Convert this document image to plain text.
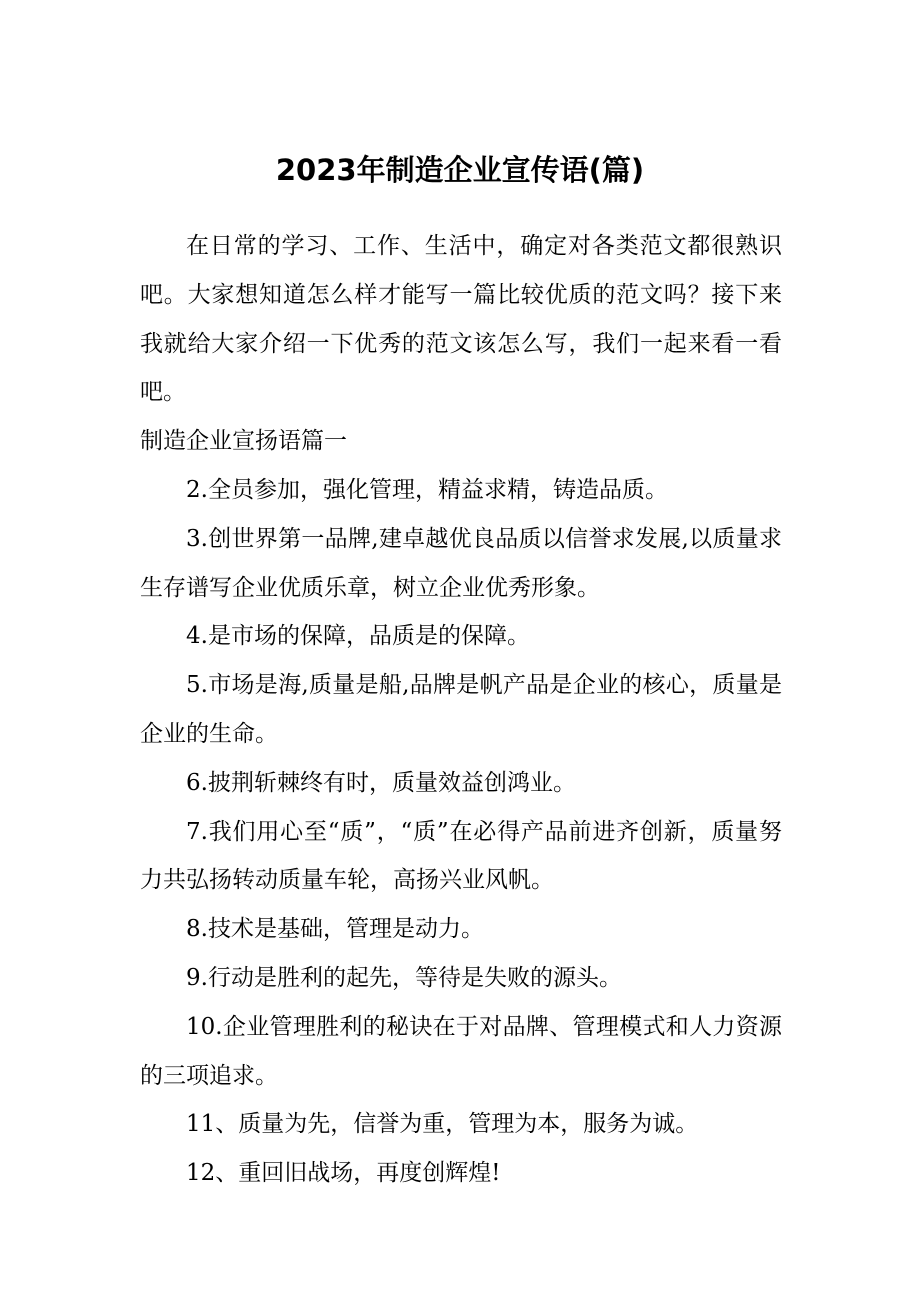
2023年制造企业宣传语(篇)

在日常的学习、工作、生活中，确定对各类范文都很熟识吧。大家想知道怎么样才能写一篇比较优质的范文吗？接下来我就给大家介绍一下优秀的范文该怎么写，我们一起来看一看吧。

制造企业宣扬语篇一

2.全员参加，强化管理，精益求精，铸造品质。

3.创世界第一品牌,建卓越优良品质以信誉求发展,以质量求生存谱写企业优质乐章，树立企业优秀形象。

4.是市场的保障，品质是的保障。

5.市场是海,质量是船,品牌是帆产品是企业的核心，质量是企业的生命。

6.披荆斩棘终有时，质量效益创鸿业。

7.我们用心至“质”，“质”在必得产品前进齐创新，质量努力共弘扬转动质量车轮，高扬兴业风帆。

8.技术是基础，管理是动力。

9.行动是胜利的起先，等待是失败的源头。

10.企业管理胜利的秘诀在于对品牌、管理模式和人力资源的三项追求。

11、质量为先，信誉为重，管理为本，服务为诚。

12、重回旧战场，再度创辉煌!
